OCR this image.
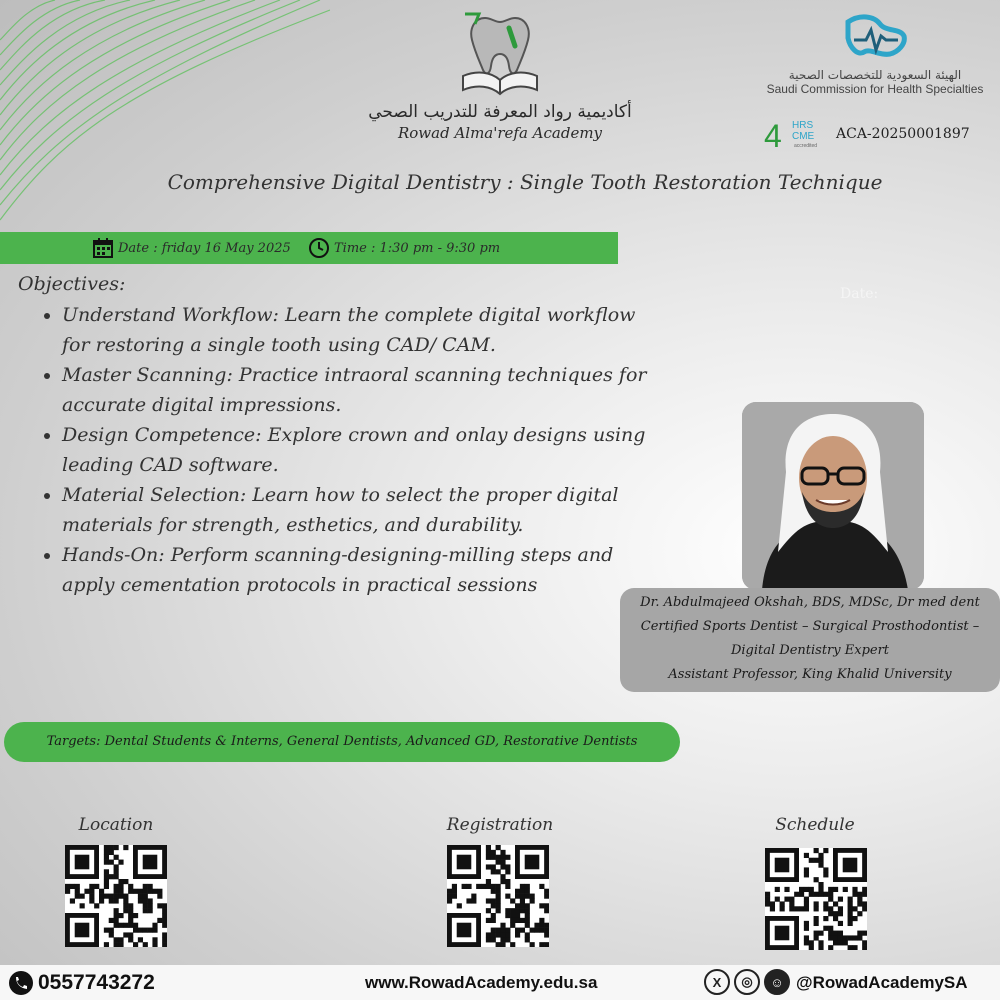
أكاديمية رواد المعرفة للتدريب الصحي
Rowad Alma'refa Academy
الهيئة السعودية للتخصصات الصحية
Saudi Commission for Health Specialties
4 HRS
CME
accredited
ACA-20250001897
Comprehensive Digital Dentistry : Single Tooth Restoration Technique
Date : friday 16 May 2025	Time : 1:30 pm - 9:30 pm
Date:
Objectives:
• Understand Workflow: Learn the complete digital workflow for restoring a single tooth using CAD/ CAM.
• Master Scanning: Practice intraoral scanning techniques for accurate digital impressions.
• Design Competence: Explore crown and onlay designs using leading CAD software.
• Material Selection: Learn how to select the proper digital materials for strength, esthetics, and durability.
• Hands-On: Perform scanning-designing-milling steps and apply cementation protocols in practical sessions
Dr. Abdulmajeed Okshah, BDS, MDSc, Dr med dent
Certified Sports Dentist – Surgical Prosthodontist –
Digital Dentistry Expert
Assistant Professor, King Khalid University
Targets: Dental Students & Interns, General Dentists, Advanced GD, Restorative Dentists
Location	Registration	Schedule
0557743272	www.RowadAcademy.edu.sa	X	◎	☺ @RowadAcademySA
